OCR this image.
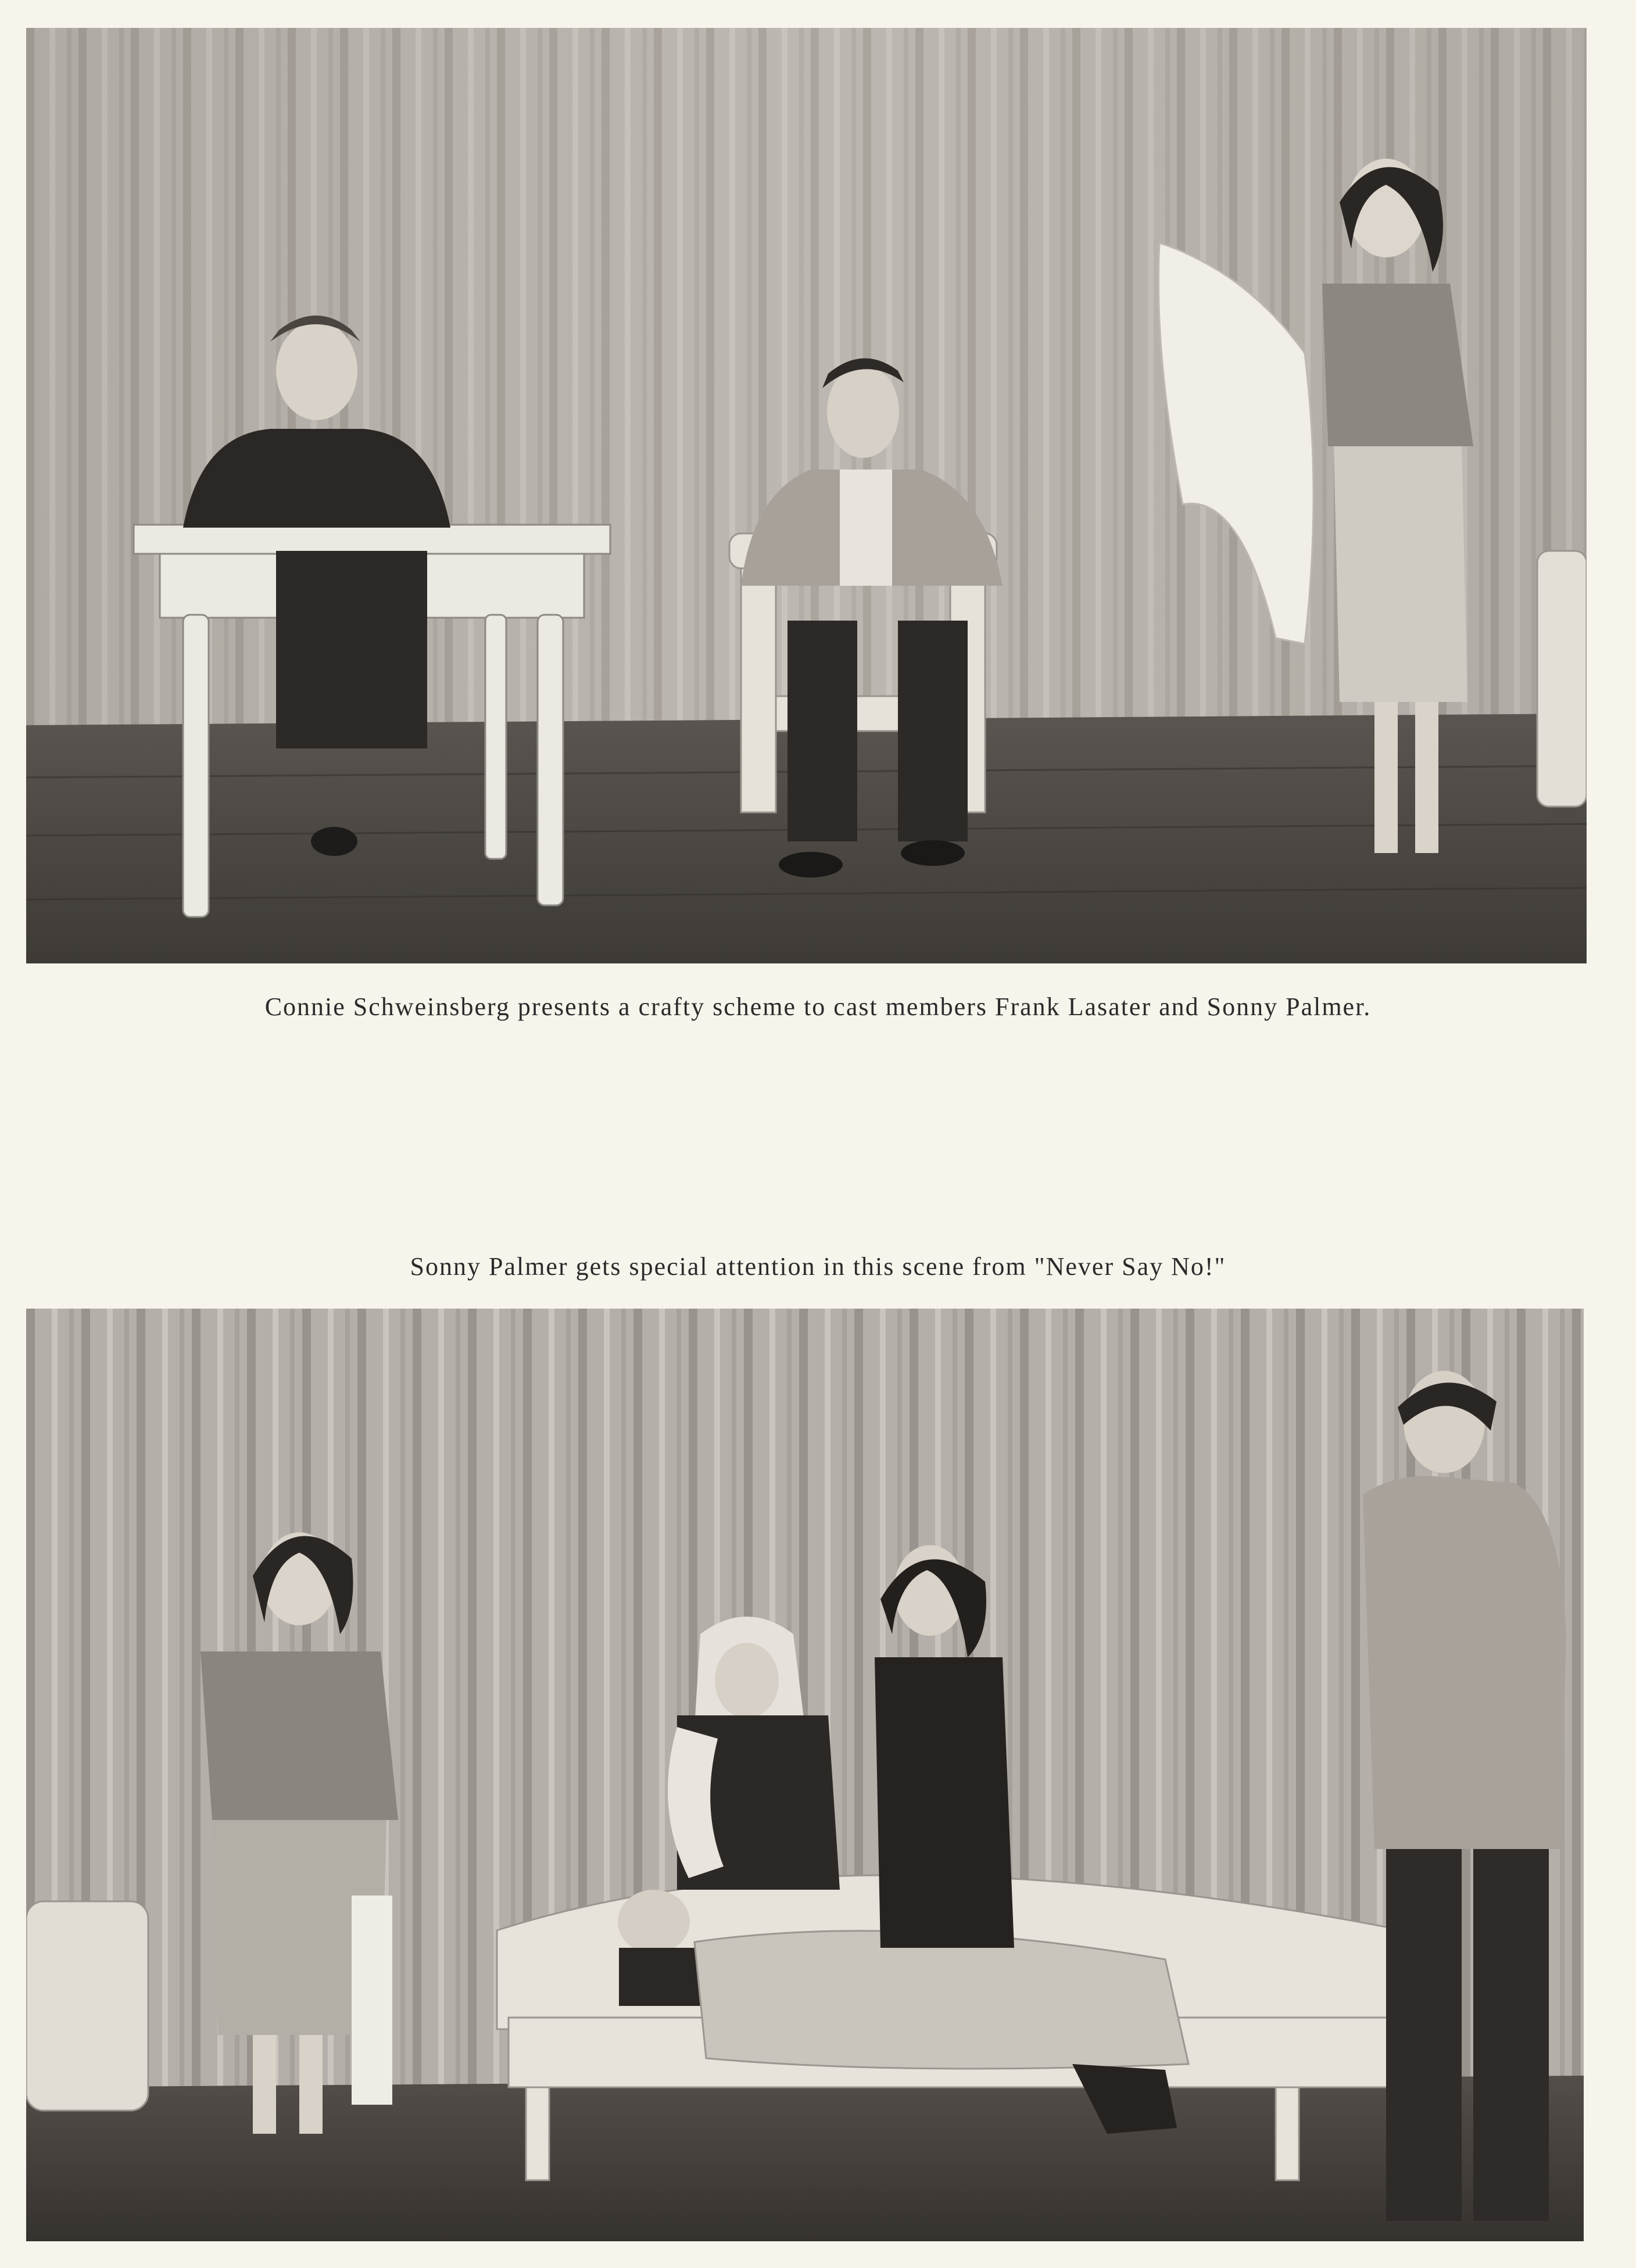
Connie Schweinsberg presents a crafty scheme to cast members Frank Lasater and Sonny Palmer.
Sonny Palmer gets special attention in this scene from "Never Say No!"
